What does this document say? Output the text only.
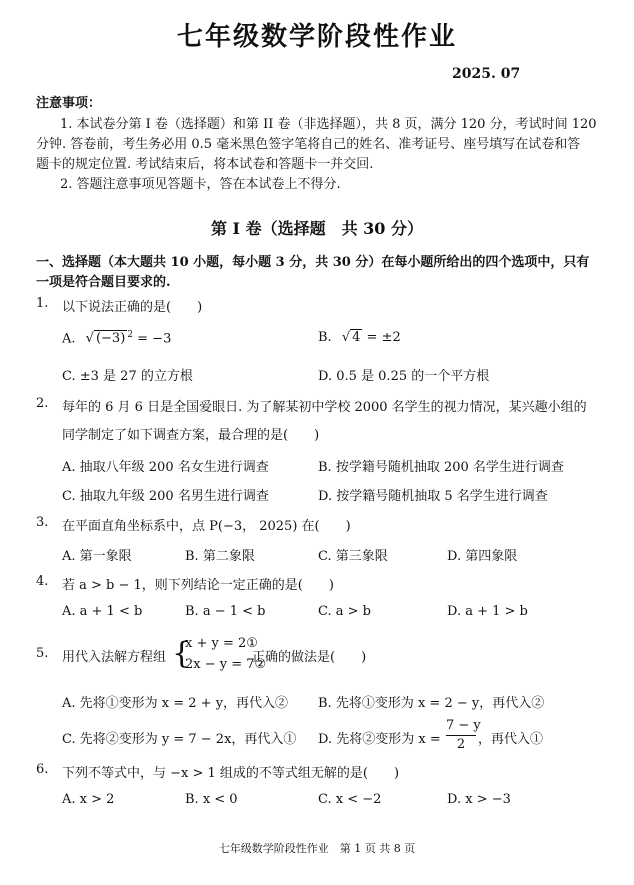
七年级数学阶段性作业
2025. 07
注意事项：
1. 本试卷分第 I 卷（选择题）和第 II 卷（非选择题），共 8 页，满分 120 分，考试时间 120
分钟. 答卷前，考生务必用 0.5 毫米黑色签字笔将自己的姓名、准考证号、座号填写在试卷和答
题卡的规定位置. 考试结束后，将本试卷和答题卡一并交回.
2. 答题注意事项见答题卡，答在本试卷上不得分.
第 I 卷（选择题　共 30 分）
一、选择题（本大题共 10 小题，每小题 3 分，共 30 分）在每小题所给出的四个选项中，只有
一项是符合题目要求的.
1. 以下说法正确的是(　　)
A. √ (−3) $^2$ = −3	B. √ 4 = ±2
C. ±3 是 27 的立方根	D. 0.5 是 0.25 的一个平方根
2. 每年的 6 月 6 日是全国爱眼日. 为了解某初中学校 2000 名学生的视力情况，某兴趣小组的
同学制定了如下调查方案，最合理的是(　　)
A. 抽取八年级 200 名女生进行调查	B. 按学籍号随机抽取 200 名学生进行调查
C. 抽取九年级 200 名男生进行调查	D. 按学籍号随机抽取 5 名学生进行调查
3. 在平面直角坐标系中，点 P(−3， 2025) 在(　　)
A. 第一象限	B. 第二象限	C. 第三象限	D. 第四象限
4. 若 a > b − 1，则下列结论一定正确的是(　　)
A. a + 1 < b	B. a − 1 < b	C. a > b	D. a + 1 > b
5. 用代入法解方程组 {
x + y = 2①
2x − y = 7②
正确的做法是(　　)
A. 先将①变形为 x = 2 + y，再代入② B. 先将①变形为 x = 2 − y，再代入②
C. 先将②变形为 y = 7 − 2x，再代入① D. 先将②变形为 x =
7 − y
2 ，再代入①
6. 下列不等式中，与 −x > 1 组成的不等式组无解的是(　　)
A. x > 2	B. x < 0	C. x < −2	D. x > −3
七年级数学阶段性作业　第 1 页 共 8 页
